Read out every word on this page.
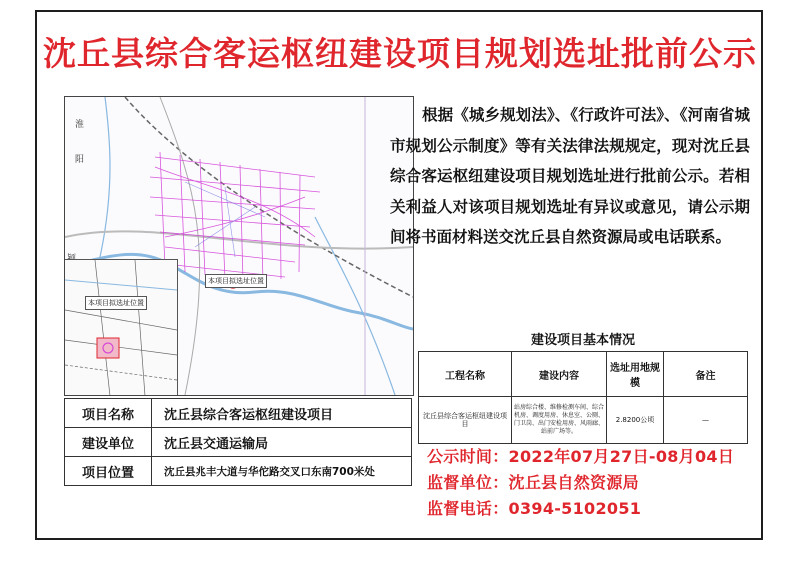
沈丘县综合客运枢纽建设项目规划选址批前公示
本项目拟选址位置
淮
阳
本项目拟选址位置

根据《城乡规划法》、《行政许可法》、《河南省城市规划公示制度》等有关法律法规规定，现对沈丘县综合客运枢纽建设项目规划选址进行批前公示。若相关利益人对该项目规划选址有异议或意见，请公示期间将书面材料送交沈丘县自然资源局或电话联系。

建设项目基本情况
工程名称	建设内容	选址用地规模	备注
沈丘县综合客运枢纽建设项目	站房综合楼、维修检测车间、综合机房、调度用房、休息室、公厕、门卫岗、出门安检用房、风雨廊、站前广场等。	2.8200公顷	—
项目名称	沈丘县综合客运枢纽建设项目
建设单位	沈丘县交通运输局
项目位置	沈丘县兆丰大道与华佗路交叉口东南700米处
公示时间：2022年07月27日-08月04日
监督单位：沈丘县自然资源局
监督电话：0394-5102051
